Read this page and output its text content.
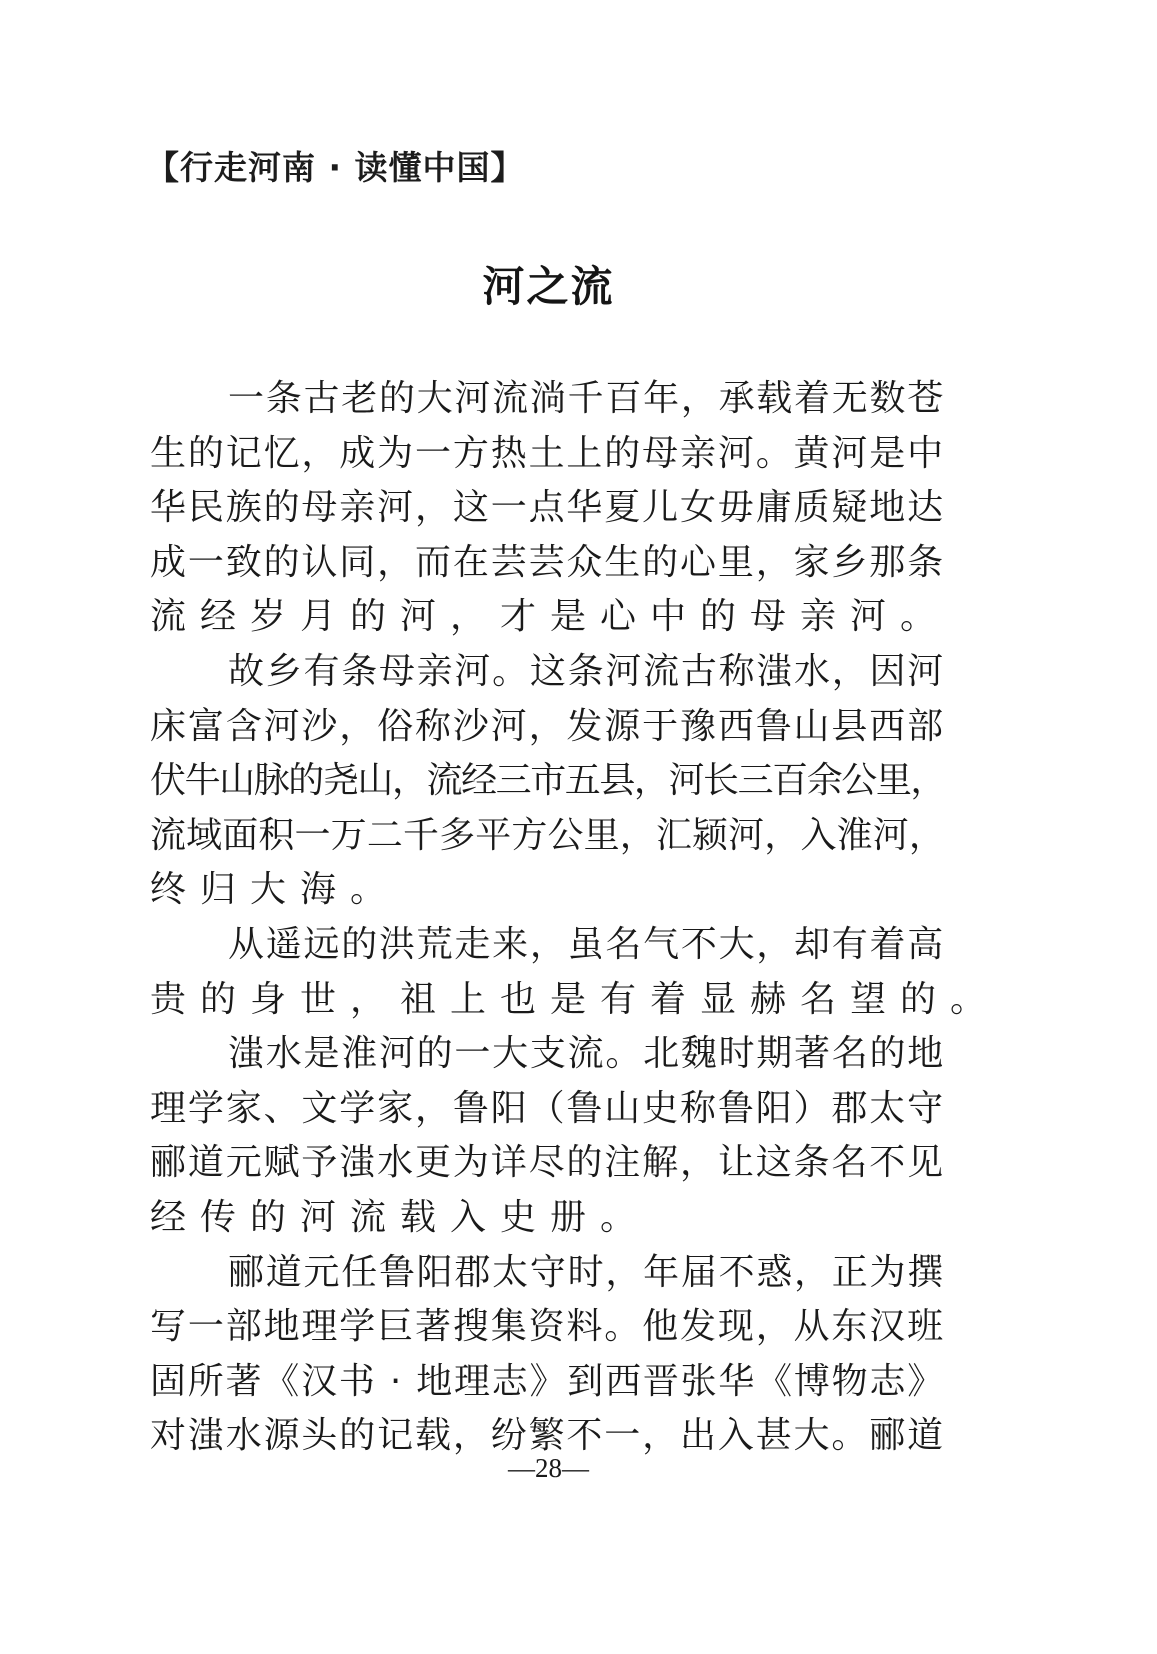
【行走河南 · 读懂中国】
河之流
一条古老的大河流淌千百年，承载着无数苍
生的记忆，成为一方热土上的母亲河。黄河是中
华民族的母亲河，这一点华夏儿女毋庸质疑地达
成一致的认同，而在芸芸众生的心里，家乡那条
流经岁月的河，才是心中的母亲河。
故乡有条母亲河。这条河流古称滍水，因河
床富含河沙，俗称沙河，发源于豫西鲁山县西部
伏牛山脉的尧山，流经三市五县，河长三百余公里，
流域面积一万二千多平方公里，汇颍河，入淮河，
终归大海。
从遥远的洪荒走来，虽名气不大，却有着高
贵的身世，祖上也是有着显赫名望的。
滍水是淮河的一大支流。北魏时期著名的地
理学家、文学家，鲁阳（鲁山史称鲁阳）郡太守
郦道元赋予滍水更为详尽的注解，让这条名不见
经传的河流载入史册。
郦道元任鲁阳郡太守时，年届不惑，正为撰
写一部地理学巨著搜集资料。他发现，从东汉班
固所著《汉书 · 地理志》到西晋张华《博物志》
对滍水源头的记载，纷繁不一，出入甚大。郦道
—28—
